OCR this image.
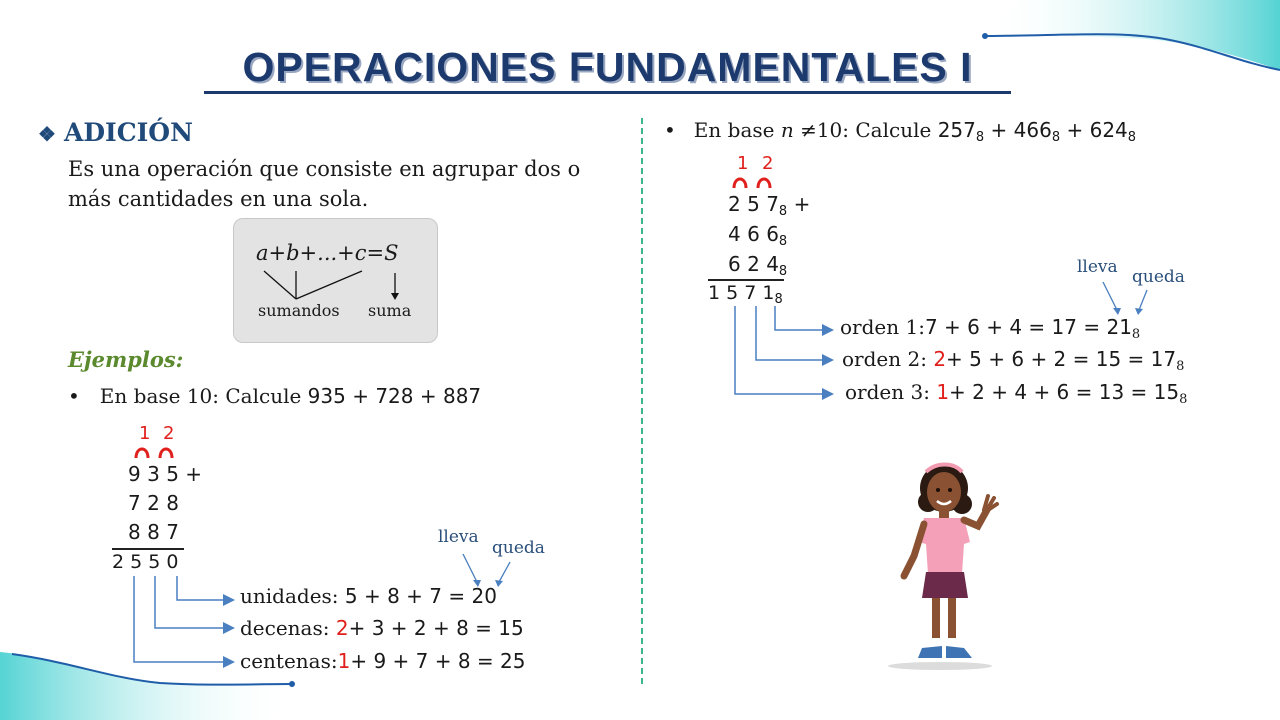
OPERACIONES FUNDAMENTALES I
❖ ADICIÓN
Es una operación que consiste en agrupar dos o más cantidades en una sola.
a+b+...+c=S
sumandos suma
Ejemplos:
• En base 10: Calcule 935 + 728 + 887
1 2
9 3 5 +
7 2 8
8 8 7
2 5 5 0
lleva
queda
unidades: 5 + 8 + 7 = 20
decenas: 2+ 3 + 2 + 8 = 15
centenas:1+ 9 + 7 + 8 = 25
• En base n ≠10: Calcule $257_8 + 466_8 + 624_8$
1 2
2 5 $7_8$ +
4 6 $6_8$
6 2 $4_8$
1 5 7 $1_8$
lleva queda
orden 1:7 + $6 + 4 = 17 = 21_8$
orden 2: $2+ 5 + 6 + 2 = 15 = 17_8$
orden 3: $1+ 2 + 4 + 6 = 13 = 15_8$
